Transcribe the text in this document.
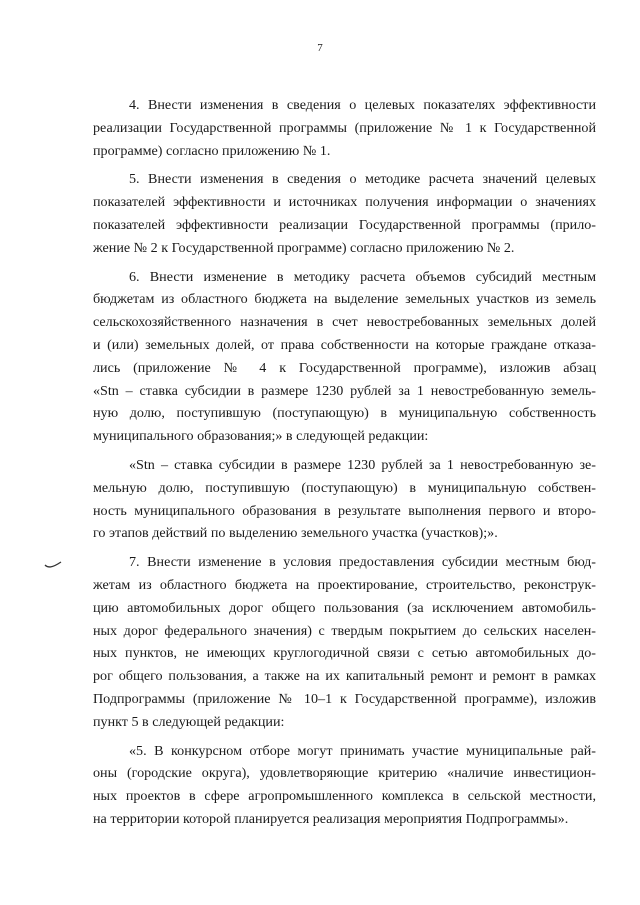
7
4. Внести изменения в сведения о целевых показателях эффективности
реализации Государственной программы (приложение № 1 к Государственной
программе) согласно приложению № 1.
5. Внести изменения в сведения о методике расчета значений целевых
показателей эффективности и источниках получения информации о значениях
показателей эффективности реализации Государственной программы (прило-
жение № 2 к Государственной программе) согласно приложению № 2.
6. Внести изменение в методику расчета объемов субсидий местным
бюджетам из областного бюджета на выделение земельных участков из земель
сельскохозяйственного назначения в счет невостребованных земельных долей
и (или) земельных долей, от права собственности на которые граждане отказа-
лись (приложение № 4 к Государственной программе), изложив абзац
«Stn – ставка субсидии в размере 1230 рублей за 1 невостребованную земель-
ную долю, поступившую (поступающую) в муниципальную собственность
муниципального образования;» в следующей редакции:
«Stn – ставка субсидии в размере 1230 рублей за 1 невостребованную зе-
мельную долю, поступившую (поступающую) в муниципальную собствен-
ность муниципального образования в результате выполнения первого и второ-
го этапов действий по выделению земельного участка (участков);».
7. Внести изменение в условия предоставления субсидии местным бюд-
жетам из областного бюджета на проектирование, строительство, реконструк-
цию автомобильных дорог общего пользования (за исключением автомобиль-
ных дорог федерального значения) с твердым покрытием до сельских населен-
ных пунктов, не имеющих круглогодичной связи с сетью автомобильных до-
рог общего пользования, а также на их капитальный ремонт и ремонт в рамках
Подпрограммы (приложение № 10–1 к Государственной программе), изложив
пункт 5 в следующей редакции:
«5. В конкурсном отборе могут принимать участие муниципальные рай-
оны (городские округа), удовлетворяющие критерию «наличие инвестицион-
ных проектов в сфере агропромышленного комплекса в сельской местности,
на территории которой планируется реализация мероприятия Подпрограммы».
